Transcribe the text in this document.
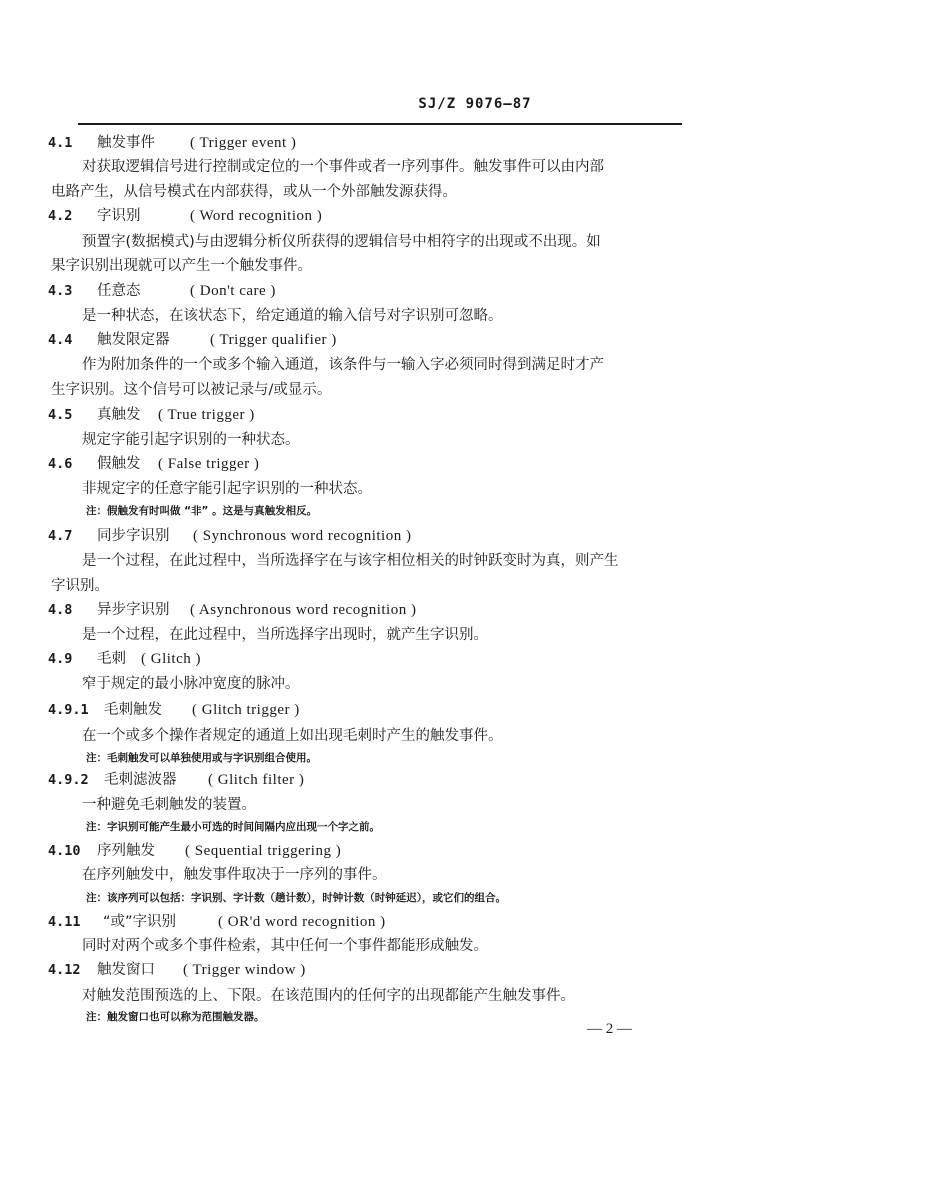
SJ/Z 9076—87
4.1 触发事件 ( Trigger event )
对获取逻辑信号进行控制或定位的一个事件或者一序列事件。触发事件可以由内部
电路产生，从信号模式在内部获得，或从一个外部触发源获得。
4.2 字识别	( Word recognition )
预置字(数据模式)与由逻辑分析仪所获得的逻辑信号中相符字的出现或不出现。如
果字识别出现就可以产生一个触发事件。
4.3 任意态	( Don't care )
是一种状态，在该状态下，给定通道的输入信号对字识别可忽略。
4.4 触发限定器	( Trigger qualifier )
作为附加条件的一个或多个输入通道，该条件与一输入字必须同时得到满足时才产
生字识别。这个信号可以被记录与/或显示。
4.5 真触发 ( True trigger )
规定字能引起字识别的一种状态。
4.6 假触发 ( False trigger )
非规定字的任意字能引起字识别的一种状态。
注：假触发有时叫做 “非” 。这是与真触发相反。
4.7 同步字识别 ( Synchronous word recognition )
是一个过程，在此过程中，当所选择字在与该字相位相关的时钟跃变时为真，则产生
字识别。
4.8 异步字识别 ( Asynchronous word recognition )
是一个过程，在此过程中，当所选择字出现时，就产生字识别。
4.9 毛刺 ( Glitch )
窄于规定的最小脉冲宽度的脉冲。
4.9.1 毛刺触发 ( Glitch trigger )
在一个或多个操作者规定的通道上如出现毛刺时产生的触发事件。
注：毛刺触发可以单独使用或与字识别组合使用。
4.9.2 毛刺滤波器 ( Glitch filter )
一种避免毛刺触发的装置。
注：字识别可能产生最小可选的时间间隔内应出现一个字之前。
4.10 序列触发 ( Sequential triggering )
在序列触发中，触发事件取决于一序列的事件。
注：该序列可以包括：字识别、字计数（趟计数），时钟计数（时钟延迟），或它们的组合。
4.11 “或”字识别	( OR'd word recognition )
同时对两个或多个事件检索，其中任何一个事件都能形成触发。
4.12 触发窗口 ( Trigger window )
对触发范围预选的上、下限。在该范围内的任何字的出现都能产生触发事件。
注：触发窗口也可以称为范围触发器。
— 2 —
